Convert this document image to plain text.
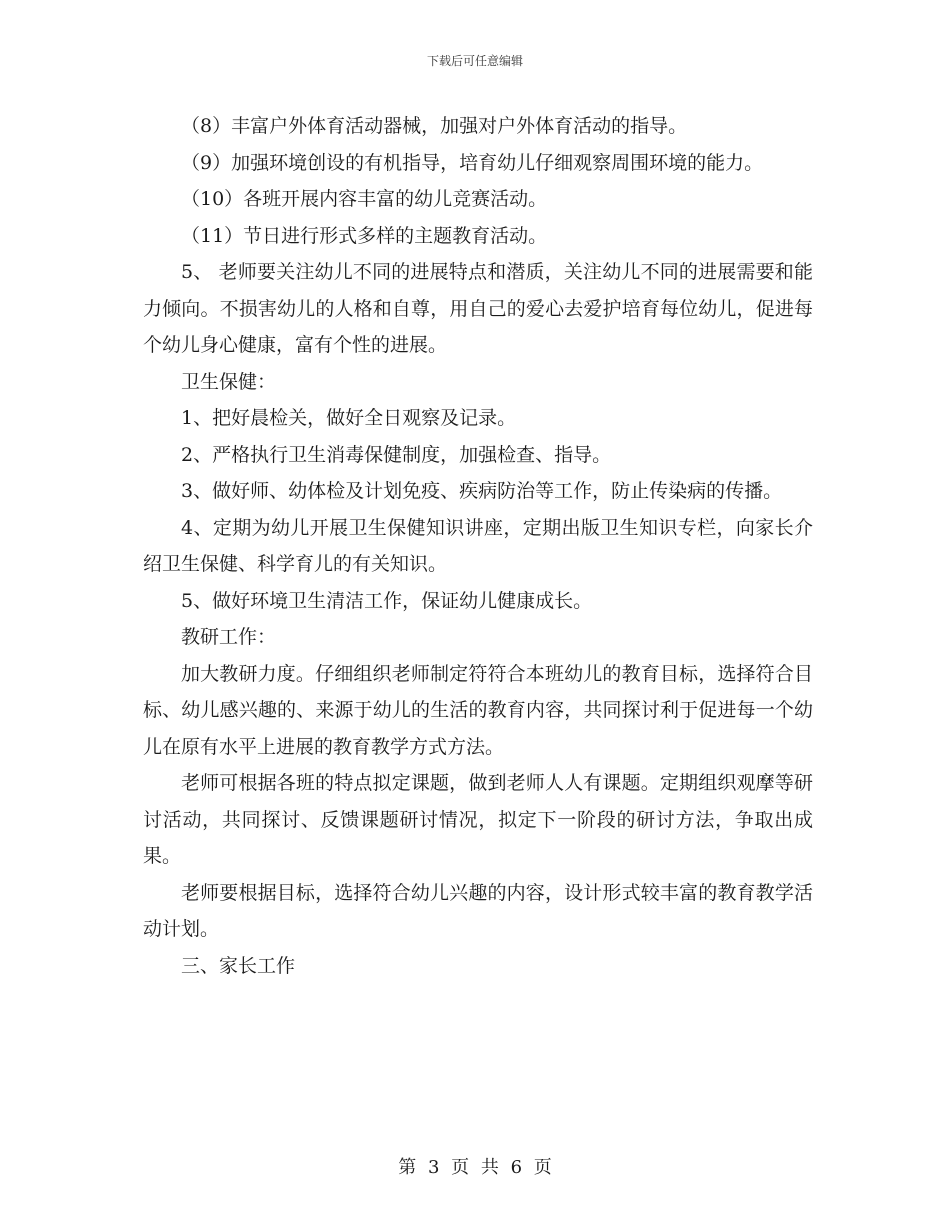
下载后可任意编辑

（8）丰富户外体育活动器械，加强对户外体育活动的指导。

（9）加强环境创设的有机指导，培育幼儿仔细观察周围环境的能力。

（10）各班开展内容丰富的幼儿竞赛活动。

（11）节日进行形式多样的主题教育活动。

5、 老师要关注幼儿不同的进展特点和潜质，关注幼儿不同的进展需要和能力倾向。不损害幼儿的人格和自尊，用自己的爱心去爱护培育每位幼儿，促进每个幼儿身心健康，富有个性的进展。

卫生保健：

1、把好晨检关，做好全日观察及记录。

2、严格执行卫生消毒保健制度，加强检查、指导。

3、做好师、幼体检及计划免疫、疾病防治等工作，防止传染病的传播。

4、定期为幼儿开展卫生保健知识讲座，定期出版卫生知识专栏，向家长介绍卫生保健、科学育儿的有关知识。

5、做好环境卫生清洁工作，保证幼儿健康成长。

教研工作：

加大教研力度。仔细组织老师制定符符合本班幼儿的教育目标，选择符合目标、幼儿感兴趣的、来源于幼儿的生活的教育内容，共同探讨利于促进每一个幼儿在原有水平上进展的教育教学方式方法。

老师可根据各班的特点拟定课题，做到老师人人有课题。定期组织观摩等研讨活动，共同探讨、反馈课题研讨情况，拟定下一阶段的研讨方法，争取出成果。

老师要根据目标，选择符合幼儿兴趣的内容，设计形式较丰富的教育教学活动计划。

三、家长工作

第 3 页 共 6 页
